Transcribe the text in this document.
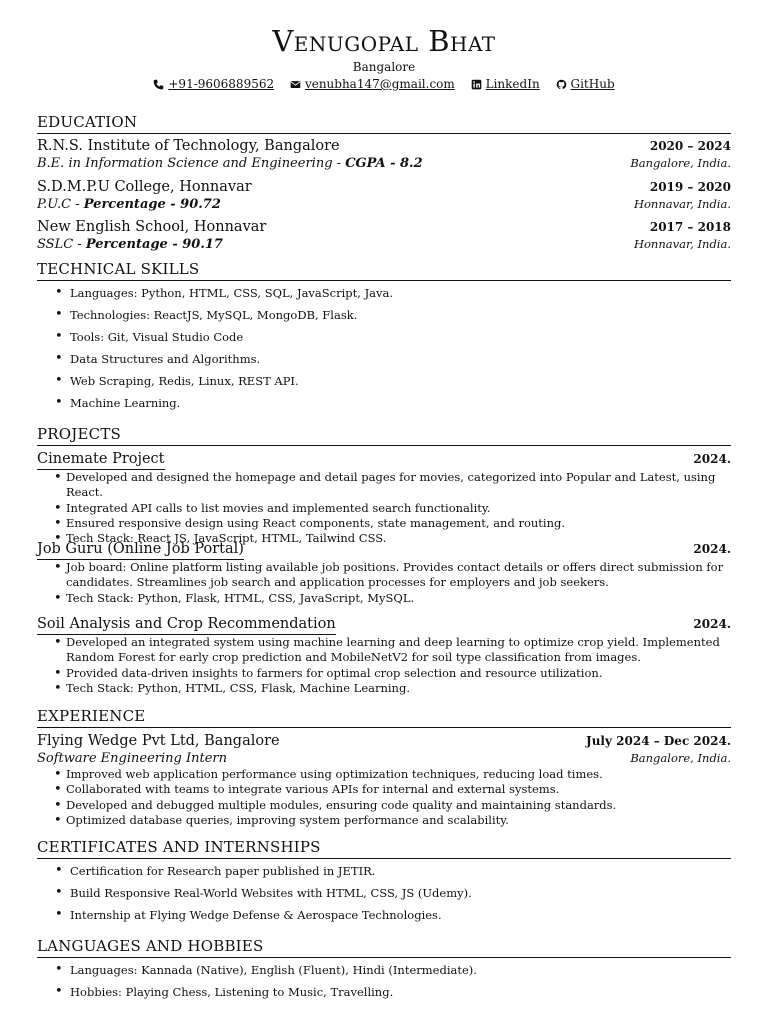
Venugopal Bhat
Bangalore
+91-9606889562
	venubha147@gmail.com
	LinkedIn
	GitHub
EDUCATION
R.N.S. Institute of Technology, Bangalore	2020 – 2024
B.E. in Information Science and Engineering - CGPA - 8.2	Bangalore, India.
S.D.M.P.U College, Honnavar	2019 – 2020
P.U.C - Percentage - 90.72	Honnavar, India.
New English School, Honnavar	2017 – 2018
SSLC - Percentage - 90.17	Honnavar, India.
TECHNICAL SKILLS
• Languages: Python, HTML, CSS, SQL, JavaScript, Java.
• Technologies: ReactJS, MySQL, MongoDB, Flask.
• Tools: Git, Visual Studio Code
• Data Structures and Algorithms.
• Web Scraping, Redis, Linux, REST API.
• Machine Learning.
PROJECTS
Cinemate Project	2024.
• Developed and designed the homepage and detail pages for movies, categorized into Popular and Latest, using React.
• Integrated API calls to list movies and implemented search functionality.
• Ensured responsive design using React components, state management, and routing.
• Tech Stack: React JS, JavaScript, HTML, Tailwind CSS.
Job Guru (Online Job Portal)	2024.
• Job board: Online platform listing available job positions. Provides contact details or offers direct submission for candidates. Streamlines job search and application processes for employers and job seekers.
• Tech Stack: Python, Flask, HTML, CSS, JavaScript, MySQL.
Soil Analysis and Crop Recommendation	2024.
• Developed an integrated system using machine learning and deep learning to optimize crop yield. Implemented Random Forest for early crop prediction and MobileNetV2 for soil type classification from images.
• Provided data-driven insights to farmers for optimal crop selection and resource utilization.
• Tech Stack: Python, HTML, CSS, Flask, Machine Learning.
EXPERIENCE
Flying Wedge Pvt Ltd, Bangalore	July 2024 – Dec 2024.
Software Engineering Intern	Bangalore, India.
• Improved web application performance using optimization techniques, reducing load times.
• Collaborated with teams to integrate various APIs for internal and external systems.
• Developed and debugged multiple modules, ensuring code quality and maintaining standards.
• Optimized database queries, improving system performance and scalability.
CERTIFICATES AND INTERNSHIPS
• Certification for Research paper published in JETIR.
• Build Responsive Real-World Websites with HTML, CSS, JS (Udemy).
• Internship at Flying Wedge Defense & Aerospace Technologies.
LANGUAGES AND HOBBIES
• Languages: Kannada (Native), English (Fluent), Hindi (Intermediate).
• Hobbies: Playing Chess, Listening to Music, Travelling.
